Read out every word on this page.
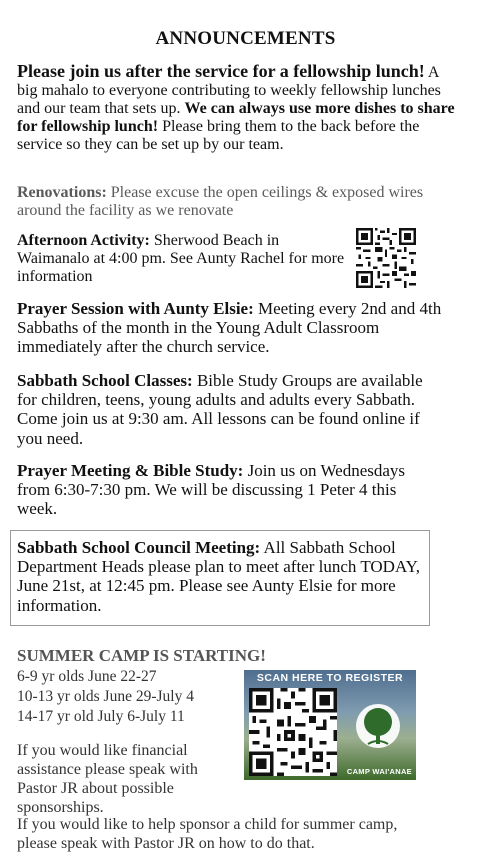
ANNOUNCEMENTS
Please join us after the service for a fellowship lunch! A big mahalo to everyone contributing to weekly fellowship lunches and our team that sets up. We can always use more dishes to share for fellowship lunch! Please bring them to the back before the service so they can be set up by our team.
Renovations: Please excuse the open ceilings & exposed wires around the facility as we renovate
Afternoon Activity: Sherwood Beach in Waimanalo at 4:00 pm. See Aunty Rachel for more information
Prayer Session with Aunty Elsie: Meeting every 2nd and 4th Sabbaths of the month in the Young Adult Classroom immediately after the church service.
Sabbath School Classes: Bible Study Groups are available for children, teens, young adults and adults every Sabbath. Come join us at 9:30 am. All lessons can be found online if you need.
Prayer Meeting & Bible Study: Join us on Wednesdays from 6:30-7:30 pm. We will be discussing 1 Peter 4 this week.
Sabbath School Council Meeting: All Sabbath School Department Heads please plan to meet after lunch TODAY, June 21st, at 12:45 pm. Please see Aunty Elsie for more information.
SUMMER CAMP IS STARTING!
6-9 yr olds June 22-27
10-13 yr olds June 29-July 4
14-17 yr old July 6-July 11
If you would like financial assistance please speak with Pastor JR about possible sponsorships.
If you would like to help sponsor a child for summer camp, please speak with Pastor JR on how to do that.
SCAN HERE TO REGISTER
CAMP WAI'ANAE
